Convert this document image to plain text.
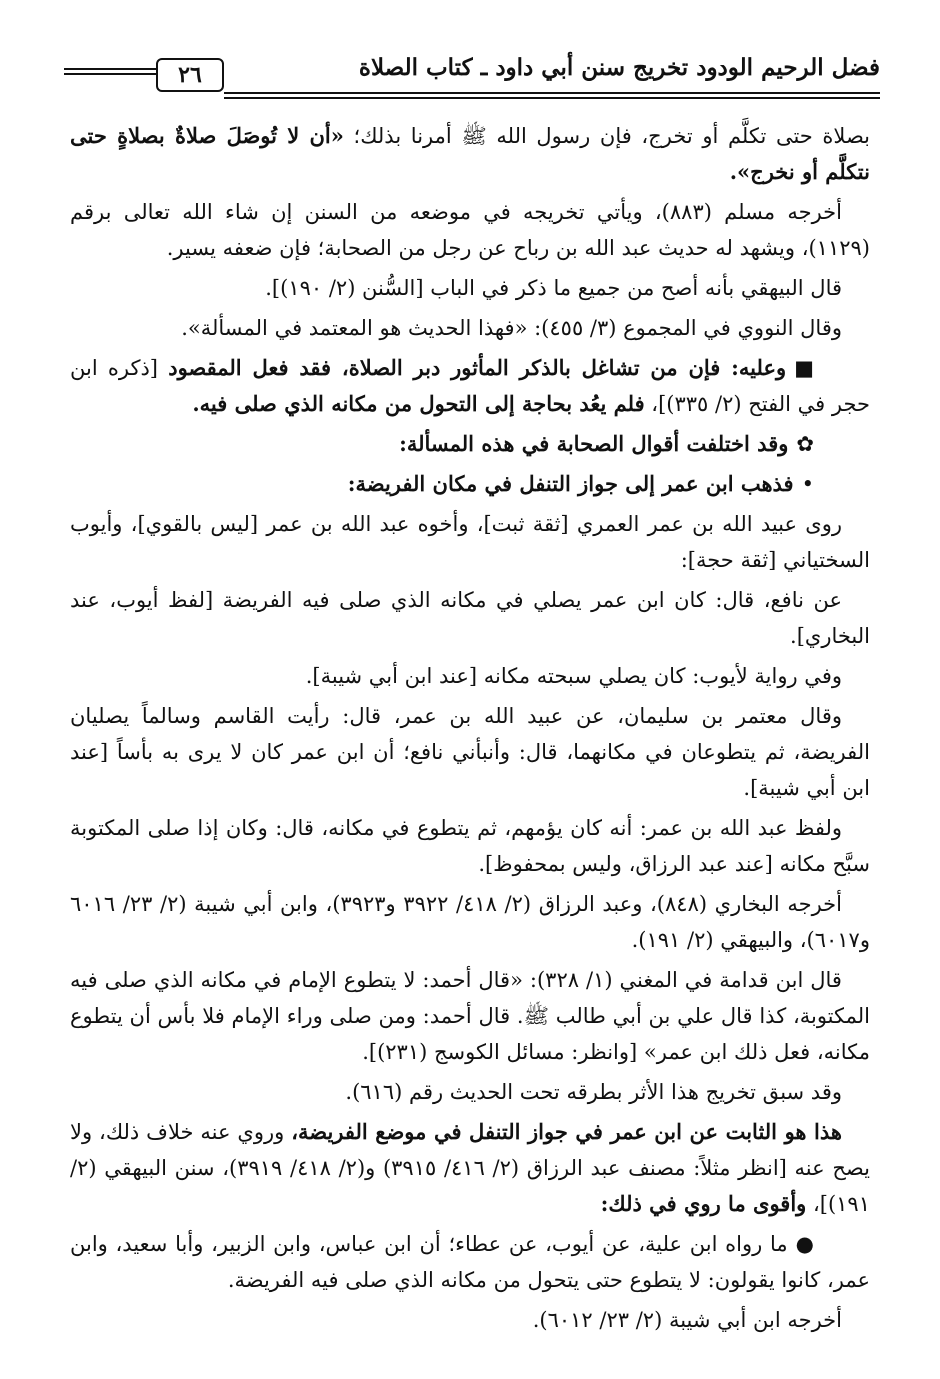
فضل الرحيم الودود تخريج سنن أبي داود ـ كتاب الصلاة
٢٦

بصلاة حتى تكلَّم أو تخرج، فإن رسول الله ﷺ أمرنا بذلك؛ «أن لا تُوصَلَ صلاةٌ بصلاةٍ حتى نتكلَّم أو نخرج».

أخرجه مسلم (٨٨٣)، ويأتي تخريجه في موضعه من السنن إن شاء الله تعالى برقم (١١٢٩)، ويشهد له حديث عبد الله بن رباح عن رجل من الصحابة؛ فإن ضعفه يسير.

قال البيهقي بأنه أصح من جميع ما ذكر في الباب [السُّنن (٢/ ١٩٠)].

وقال النووي في المجموع (٣/ ٤٥٥): «فهذا الحديث هو المعتمد في المسألة».

■وعليه: فإن من تشاغل بالذكر المأثور دبر الصلاة، فقد فعل المقصود [ذكره ابن حجر في الفتح (٢/ ٣٣٥)]، فلم يعُد بحاجة إلى التحول من مكانه الذي صلى فيه.

✿وقد اختلفت أقوال الصحابة في هذه المسألة:

•فذهب ابن عمر إلى جواز التنفل في مكان الفريضة:

روى عبيد الله بن عمر العمري [ثقة ثبت]، وأخوه عبد الله بن عمر [ليس بالقوي]، وأيوب السختياني [ثقة حجة]:

عن نافع، قال: كان ابن عمر يصلي في مكانه الذي صلى فيه الفريضة [لفظ أيوب، عند البخاري].

وفي رواية لأيوب: كان يصلي سبحته مكانه [عند ابن أبي شيبة].

وقال معتمر بن سليمان، عن عبيد الله بن عمر، قال: رأيت القاسم وسالماً يصليان الفريضة، ثم يتطوعان في مكانهما، قال: وأنبأني نافع؛ أن ابن عمر كان لا يرى به بأساً [عند ابن أبي شيبة].

ولفظ عبد الله بن عمر: أنه كان يؤمهم، ثم يتطوع في مكانه، قال: وكان إذا صلى المكتوبة سبَّح مكانه [عند عبد الرزاق، وليس بمحفوظ].

أخرجه البخاري (٨٤٨)، وعبد الرزاق (٢/ ٤١٨/ ٣٩٢٢ و٣٩٢٣)، وابن أبي شيبة (٢/ ٢٣/ ٦٠١٦ و٦٠١٧)، والبيهقي (٢/ ١٩١).

قال ابن قدامة في المغني (١/ ٣٢٨): «قال أحمد: لا يتطوع الإمام في مكانه الذي صلى فيه المكتوبة، كذا قال علي بن أبي طالب ﷺ. قال أحمد: ومن صلى وراء الإمام فلا بأس أن يتطوع مكانه، فعل ذلك ابن عمر» [وانظر: مسائل الكوسج (٢٣١)].

وقد سبق تخريج هذا الأثر بطرقه تحت الحديث رقم (٦١٦).

هذا هو الثابت عن ابن عمر في جواز التنفل في موضع الفريضة، وروي عنه خلاف ذلك، ولا يصح عنه [انظر مثلاً: مصنف عبد الرزاق (٢/ ٤١٦/ ٣٩١٥) و(٢/ ٤١٨/ ٣٩١٩)، سنن البيهقي (٢/ ١٩١)]، وأقوى ما روي في ذلك:

●ما رواه ابن علية، عن أيوب، عن عطاء؛ أن ابن عباس، وابن الزبير، وأبا سعيد، وابن عمر، كانوا يقولون: لا يتطوع حتى يتحول من مكانه الذي صلى فيه الفريضة.

أخرجه ابن أبي شيبة (٢/ ٢٣/ ٦٠١٢).
